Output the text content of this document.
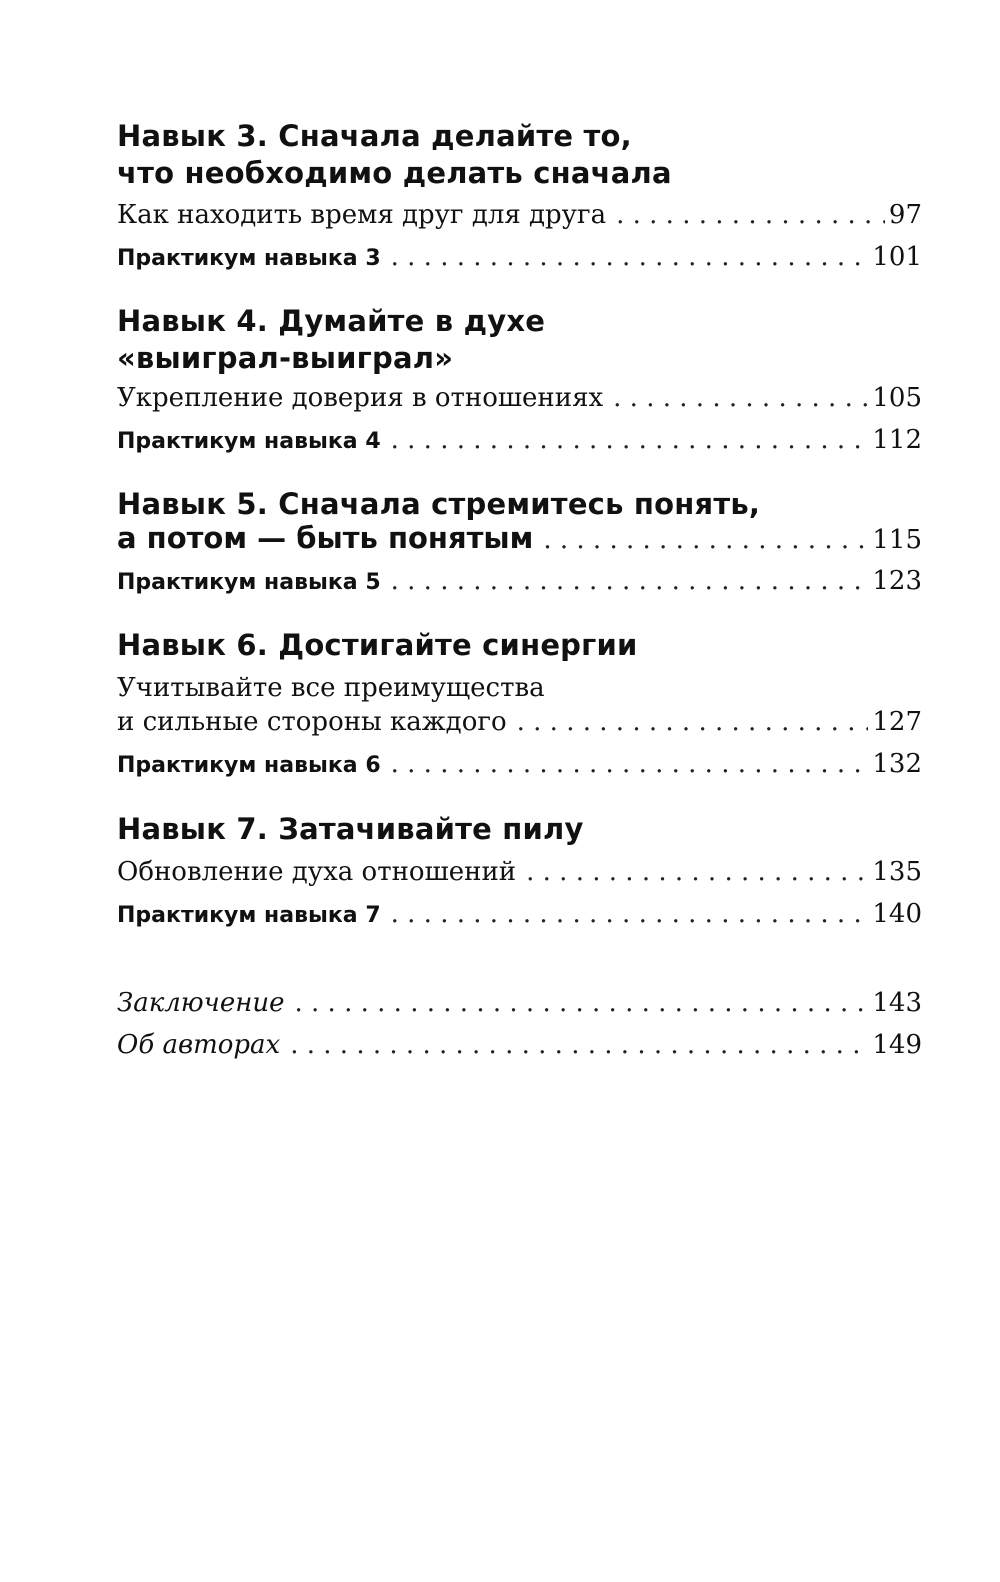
Навык 3. Сначала делайте то,
что необходимо делать сначала
Как находить время друг для друга . . .	97
Практикум навыка 3 . . .	101
Навык 4. Думайте в духе
«выиграл-выиграл»
Укрепление доверия в отношениях . . .	105
Практикум навыка 4 . . .	112
Навык 5. Сначала стремитесь понять,
а потом — быть понятым . . .	115
Практикум навыка 5 . . .	123
Навык 6. Достигайте синергии
Учитывайте все преимущества
и сильные стороны каждого . . .	127
Практикум навыка 6 . . .	132
Навык 7. Затачивайте пилу
Обновление духа отношений . . .	135
Практикум навыка 7 . . .	140
Заключение . . .	143
Об авторах . . .	149
